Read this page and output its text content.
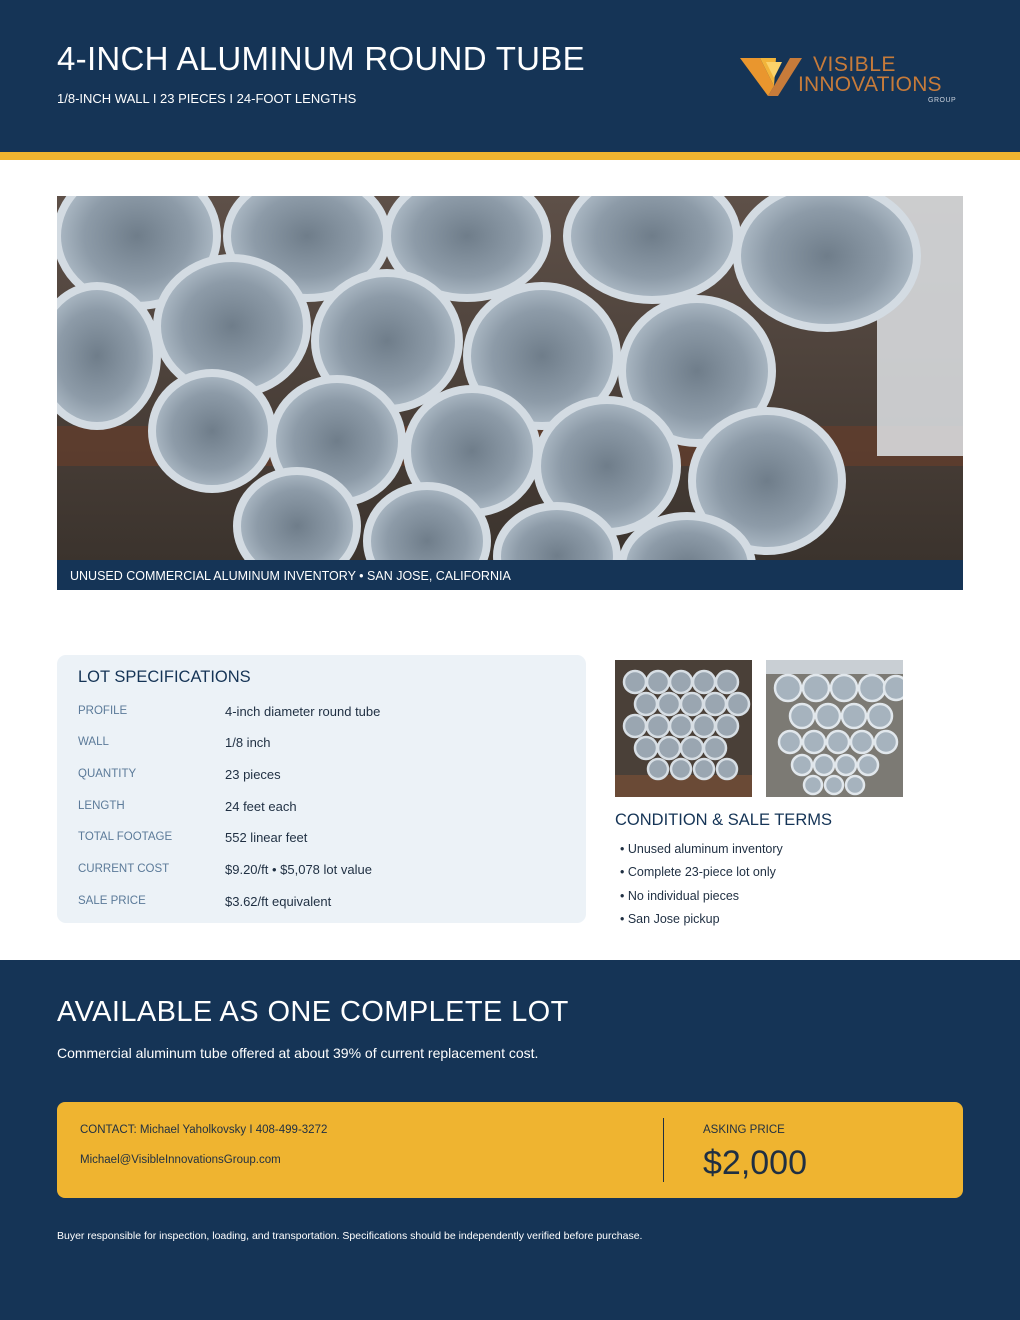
4-INCH ALUMINUM ROUND TUBE
1/8-INCH WALL I 23 PIECES I 24-FOOT LENGTHS
VISIBLE
INNOVATIONS
GROUP
UNUSED COMMERCIAL ALUMINUM INVENTORY • SAN JOSE, CALIFORNIA
LOT SPECIFICATIONS
PROFILE	4-inch diameter round tube
WALL	1/8 inch
QUANTITY	23 pieces
LENGTH	24 feet each
TOTAL FOOTAGE	552 linear feet
CURRENT COST	$9.20/ft • $5,078 lot value
SALE PRICE	$3.62/ft equivalent
CONDITION & SALE TERMS
• Unused aluminum inventory
• Complete 23-piece lot only
• No individual pieces
• San Jose pickup
AVAILABLE AS ONE COMPLETE LOT
Commercial aluminum tube offered at about 39% of current replacement cost.
CONTACT: Michael Yaholkovsky I 408-499-3272
Michael@VisibleInnovationsGroup.com
ASKING PRICE
$2,000
Buyer responsible for inspection, loading, and transportation. Specifications should be independently verified before purchase.
